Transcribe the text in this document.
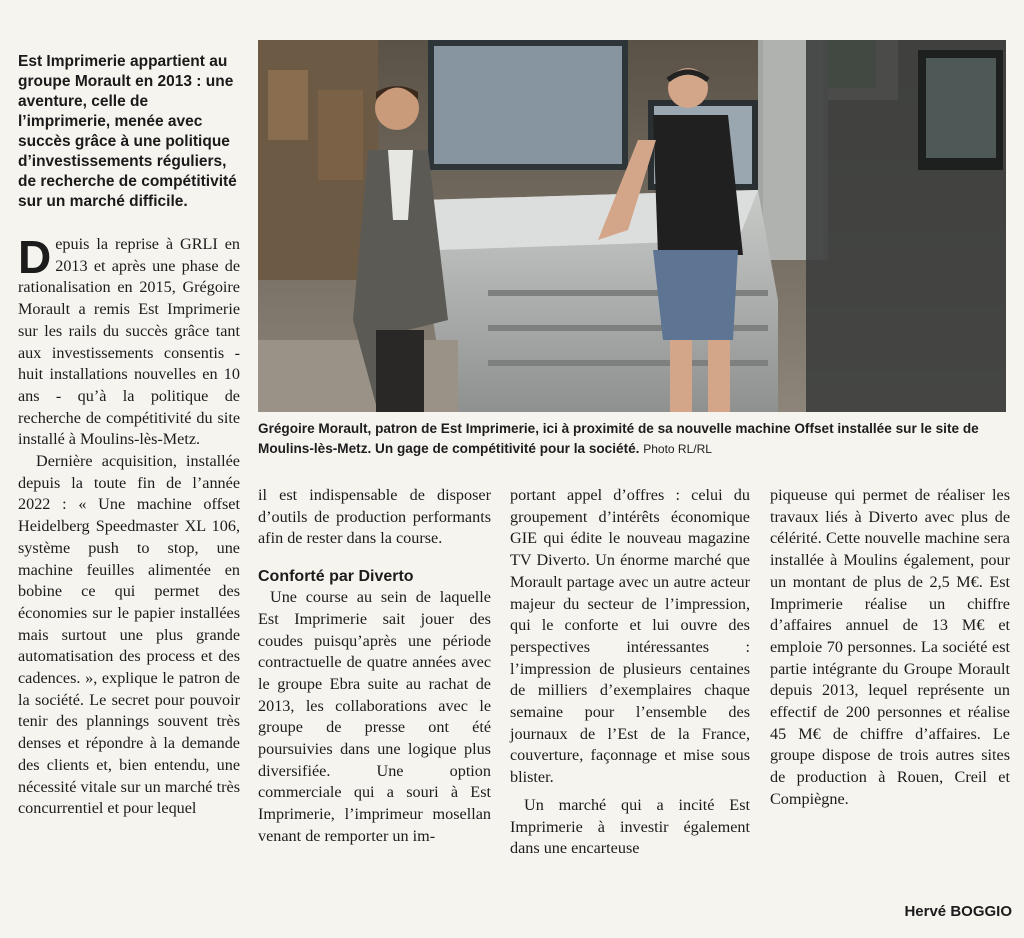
Est Imprimerie appartient au groupe Morault en 2013 : une aventure, celle de l’imprimerie, menée avec succès grâce à une politique d’investissements réguliers, de recherche de compétitivité sur un marché difficile.

Depuis la reprise à GRLI en 2013 et après une phase de rationalisation en 2015, Grégoire Morault a remis Est Imprimerie sur les rails du succès grâce tant aux investissements consentis - huit installations nouvelles en 10 ans - qu’à la politique de recherche de compétitivité du site installé à Moulins-lès-Metz.

Dernière acquisition, installée depuis la toute fin de l’année 2022 : « Une machine offset Heidelberg Speedmaster XL 106, système push to stop, une machine feuilles alimentée en bobine ce qui permet des économies sur le papier installées mais surtout une plus grande automatisation des process et des cadences. », explique le patron de la société. Le secret pour pouvoir tenir des plannings souvent très denses et répondre à la demande des clients et, bien entendu, une nécessité vitale sur un marché très concurrentiel et pour lequel

Grégoire Morault, patron de Est Imprimerie, ici à proximité de sa nouvelle machine Offset installée sur le site de Moulins-lès-Metz. Un gage de compétitivité pour la société. Photo RL/RL

il est indispensable de disposer d’outils de production performants afin de rester dans la course.

Conforté par Diverto

Une course au sein de laquelle Est Imprimerie sait jouer des coudes puisqu’après une période contractuelle de quatre années avec le groupe Ebra suite au rachat de 2013, les collaborations avec le groupe de presse ont été poursuivies dans une logique plus diversifiée. Une option commerciale qui a souri à Est Imprimerie, l’imprimeur mosellan venant de remporter un im-

portant appel d’offres : celui du groupement d’intérêts économique GIE qui édite le nouveau magazine TV Diverto. Un énorme marché que Morault partage avec un autre acteur majeur du secteur de l’impression, qui le conforte et lui ouvre des perspectives intéressantes : l’impression de plusieurs centaines de milliers d’exemplaires chaque semaine pour l’ensemble des journaux de l’Est de la France, couverture, façonnage et mise sous blister.

Un marché qui a incité Est Imprimerie à investir également dans une encarteuse

piqueuse qui permet de réaliser les travaux liés à Diverto avec plus de célérité. Cette nouvelle machine sera installée à Moulins également, pour un montant de plus de 2,5 M€. Est Imprimerie réalise un chiffre d’affaires annuel de 13 M€ et emploie 70 personnes. La société est partie intégrante du Groupe Morault depuis 2013, lequel représente un effectif de 200 personnes et réalise 45 M€ de chiffre d’affaires. Le groupe dispose de trois autres sites de production à Rouen, Creil et Compiègne.

Hervé BOGGIO
